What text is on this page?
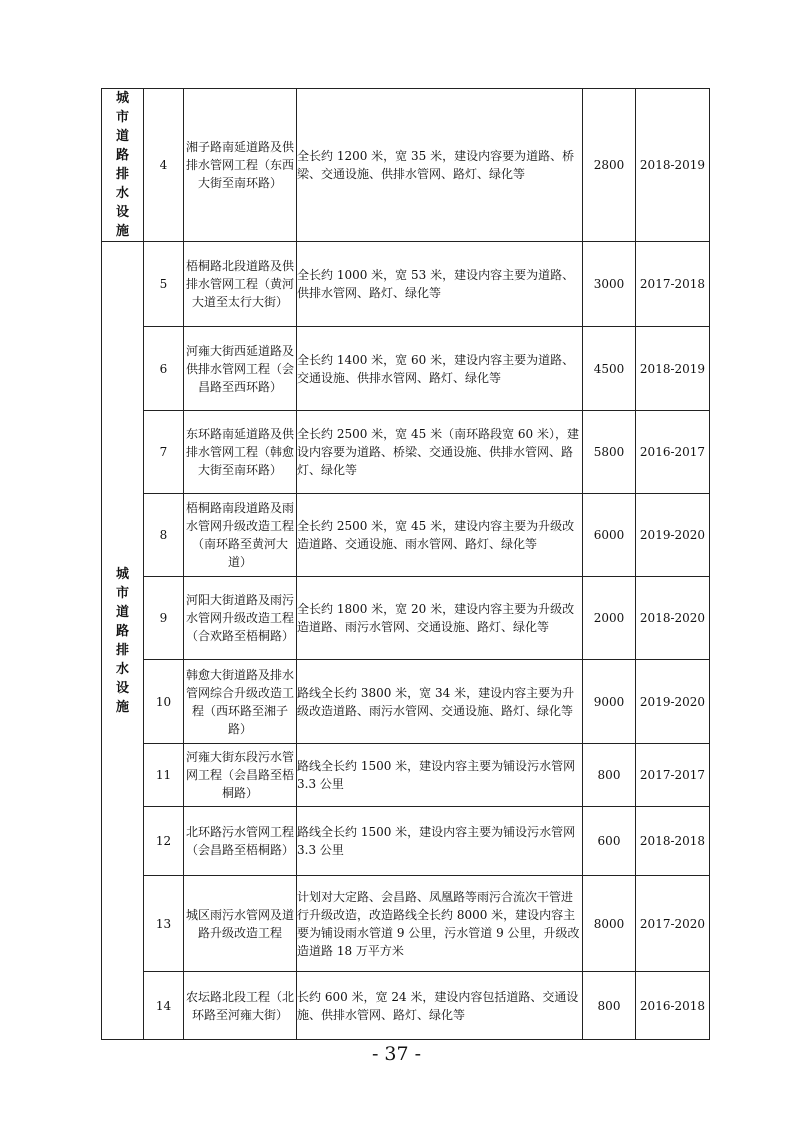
城市道路排水设施	4	湘子路南延道路及供排水管网工程（东西大街至南环路）	全长约 1200 米，宽 35 米，建设内容要为道路、桥梁、交通设施、供排水管网、路灯、绿化等	2800	2018-2019

城市道路排水设施	5	梧桐路北段道路及供排水管网工程（黄河大道至太行大街）	全长约 1000 米，宽 53 米，建设内容主要为道路、供排水管网、路灯、绿化等	3000	2017-2018
	6	河雍大街西延道路及供排水管网工程（会昌路至西环路）	全长约 1400 米，宽 60 米，建设内容主要为道路、交通设施、供排水管网、路灯、绿化等	4500	2018-2019
	7	东环路南延道路及供排水管网工程（韩愈大街至南环路）	全长约 2500 米，宽 45 米（南环路段宽 60 米），建设内容要为道路、桥梁、交通设施、供排水管网、路灯、绿化等	5800	2016-2017
	8	梧桐路南段道路及雨水管网升级改造工程（南环路至黄河大道）	全长约 2500 米，宽 45 米，建设内容主要为升级改造道路、交通设施、雨水管网、路灯、绿化等	6000	2019-2020
	9	河阳大街道路及雨污水管网升级改造工程（合欢路至梧桐路）	全长约 1800 米，宽 20 米，建设内容主要为升级改造道路、雨污水管网、交通设施、路灯、绿化等	2000	2018-2020
	10	韩愈大街道路及排水管网综合升级改造工程（西环路至湘子路）	路线全长约 3800 米，宽 34 米，建设内容主要为升级改造道路、雨污水管网、交通设施、路灯、绿化等	9000	2019-2020
	11	河雍大街东段污水管网工程（会昌路至梧桐路）	路线全长约 1500 米，建设内容主要为铺设污水管网 3.3 公里	800	2017-2017
	12	北环路污水管网工程（会昌路至梧桐路）	路线全长约 1500 米，建设内容主要为铺设污水管网 3.3 公里	600	2018-2018
	13	城区雨污水管网及道路升级改造工程	计划对大定路、会昌路、凤凰路等雨污合流次干管进行升级改造，改造路线全长约 8000 米，建设内容主要为铺设雨水管道 9 公里，污水管道 9 公里，升级改造道路 18 万平方米	8000	2017-2020
	14	农坛路北段工程（北环路至河雍大街）	长约 600 米，宽 24 米，建设内容包括道路、交通设施、供排水管网、路灯、绿化等	800	2016-2018
- 37 -
